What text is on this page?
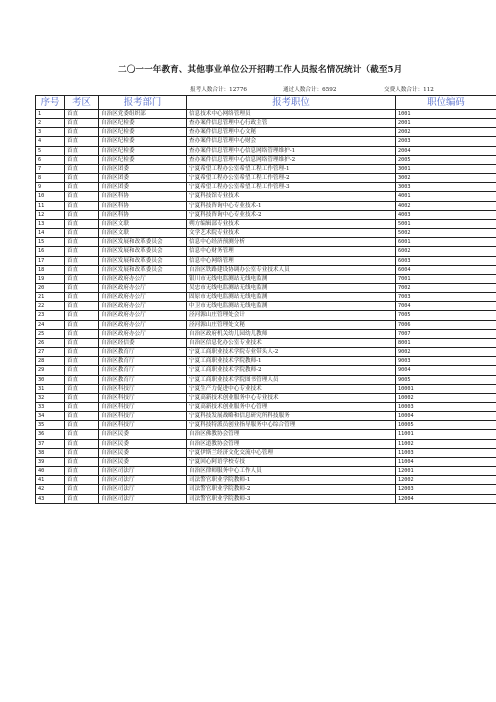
二〇一一年教育、其他事业单位公开招聘工作人员报名情况统计（截至5月
报考人数合计：12776	通过人数合计：6592	交费人数合计：112
序号	考区	报考部门	报考职位	职位编码
1	首直	自治区党委组织部	信息技术中心网络管理员	1001
2	首直	自治区纪检委	查办案件信息管理中心行政主管	2001
3	首直	自治区纪检委	查办案件信息管理中心文秘	2002
4	首直	自治区纪检委	查办案件信息管理中心财会	2003
5	首直	自治区纪检委	查办案件信息管理中心信息网络管理维护-1	2004
6	首直	自治区纪检委	查办案件信息管理中心信息网络管理维护-2	2005
7	首直	自治区团委	宁夏希望工程办公室希望工程工作管理-1	3001
8	首直	自治区团委	宁夏希望工程办公室希望工程工作管理-2	3002
9	首直	自治区团委	宁夏希望工程办公室希望工程工作管理-3	3003
10	首直	自治区科协	宁夏科技馆专业技术	4001
11	首直	自治区科协	宁夏科技咨询中心专业技术-1	4002
12	首直	自治区科协	宁夏科技咨询中心专业技术-2	4003
13	首直	自治区文联	朔方编辑部专业技术	5001
14	首直	自治区文联	文学艺术院专业技术	5002
15	首直	自治区发展和改革委员会	信息中心经济预测分析	6001
16	首直	自治区发展和改革委员会	信息中心财务管理	6002
17	首直	自治区发展和改革委员会	信息中心网络管理	6003
18	首直	自治区发展和改革委员会	自治区铁路建设协调办公室专业技术人员	6004
19	首直	自治区政府办公厅	银川市无线电监测站无线电监测	7001
20	首直	自治区政府办公厅	吴忠市无线电监测站无线电监测	7002
21	首直	自治区政府办公厅	固原市无线电监测站无线电监测	7003
22	首直	自治区政府办公厅	中卫市无线电监测站无线电监测	7004
23	首直	自治区政府办公厅	泾河源山庄管理处会计	7005
24	首直	自治区政府办公厅	泾河源山庄管理处文秘	7006
25	首直	自治区政府办公厅	自治区政府机关幼儿园幼儿教师	7007
26	首直	自治区经信委	自治区信息化办公室专业技术	8001
27	首直	自治区教育厅	宁夏工商职业技术学院专业带头人-2	9002
28	首直	自治区教育厅	宁夏工商职业技术学院教师-1	9003
29	首直	自治区教育厅	宁夏工商职业技术学院教师-2	9004
30	首直	自治区教育厅	宁夏工商职业技术学院图书管理人员	9005
31	首直	自治区科技厅	宁夏生产力促进中心专业技术	10001
32	首直	自治区科技厅	宁夏高新技术创业服务中心专业技术	10002
33	首直	自治区科技厅	宁夏高新技术创业服务中心管理	10003
34	首直	自治区科技厅	宁夏科技发展战略和信息研究所科技服务	10004
35	首直	自治区科技厅	宁夏科技特派员创业指导服务中心综合管理	10005
36	首直	自治区民委	自治区佛教协会管理	11001
37	首直	自治区民委	自治区道教协会管理	11002
38	首直	自治区民委	宁夏伊斯兰经济文化交流中心管理	11003
39	首直	自治区民委	宁夏回心阿语学校专技	11004
40	首直	自治区司法厅	自治区律师服务中心工作人员	12001
41	首直	自治区司法厅	司法警官职业学院教师-1	12002
42	首直	自治区司法厅	司法警官职业学院教师-2	12003
43	首直	自治区司法厅	司法警官职业学院教师-3	12004
